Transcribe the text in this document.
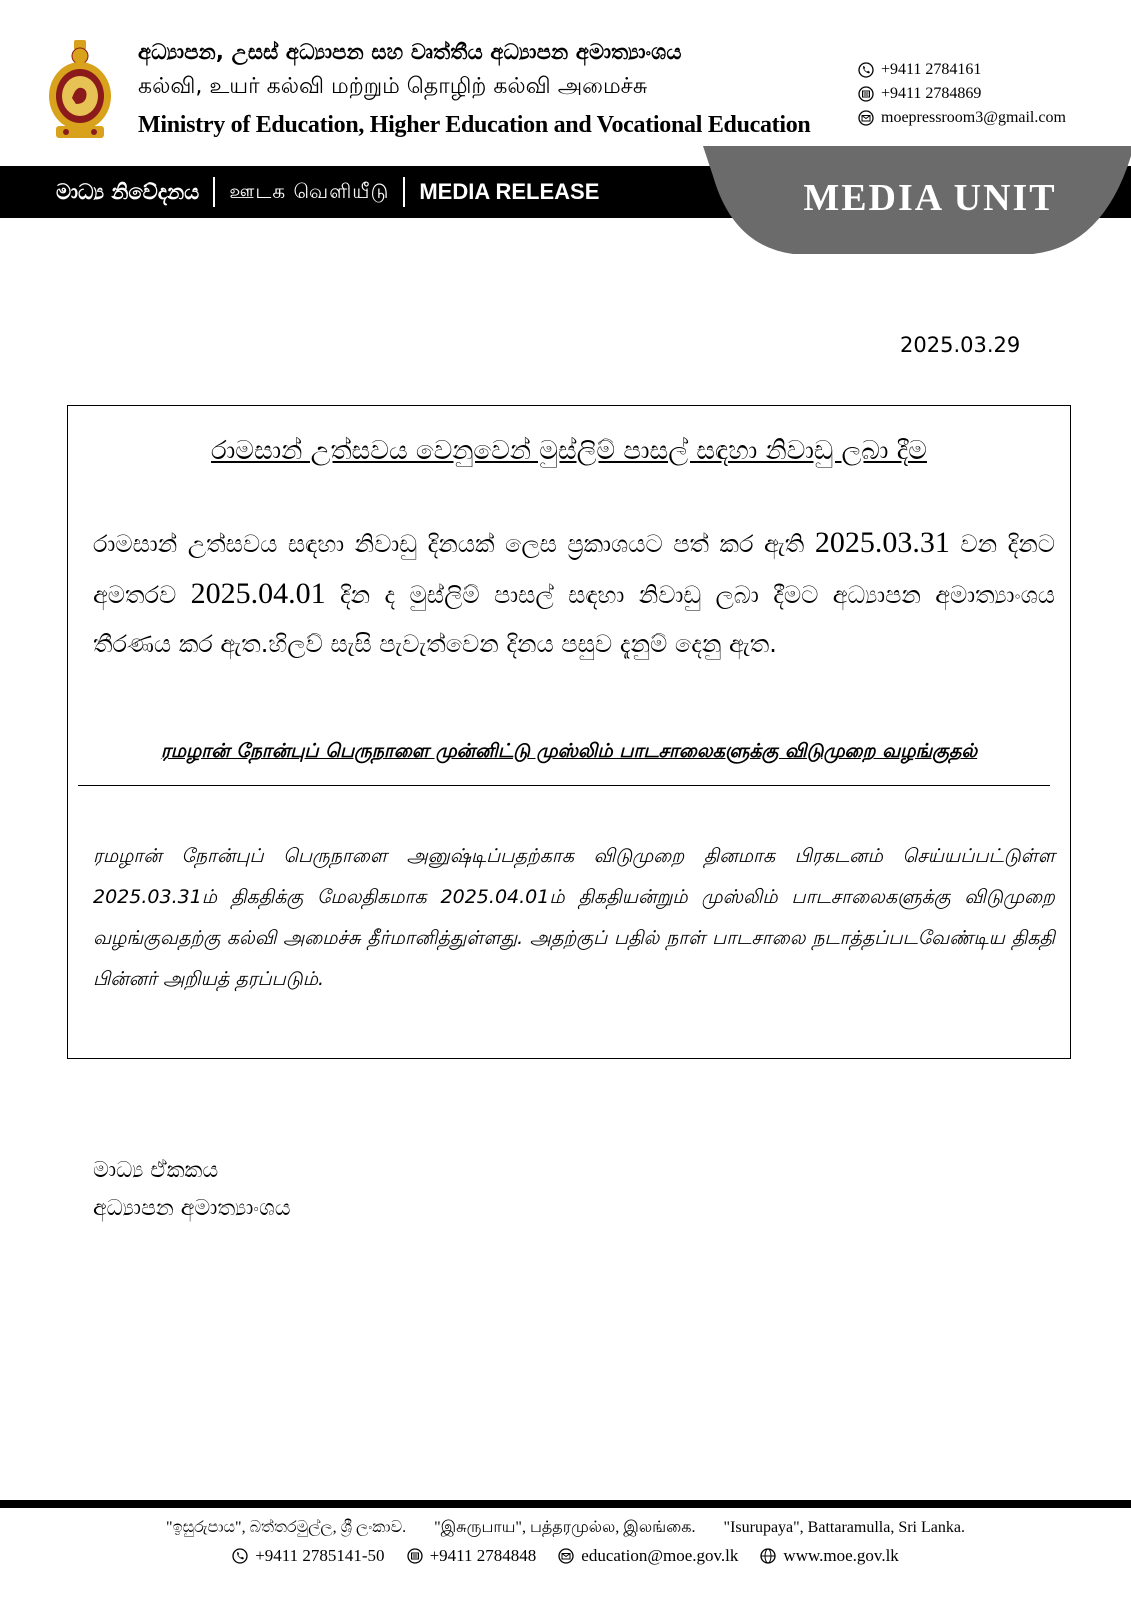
අධ්‍යාපන, උසස් අධ්‍යාපන සහ වෘත්තීය අධ්‍යාපන අමාත්‍යාංශය
கல்வி, உயர் கல்வி மற்றும் தொழிற் கல்வி அமைச்சு
Ministry of Education, Higher Education and Vocational Education
+9411 2784161
+9411 2784869
moepressroom3@gmail.com
MEDIA UNIT
මාධ්‍ය නිවේදනය ஊடக வெளியீடு MEDIA RELEASE
2025.03.29
රාමසාන් උත්සවය වෙනුවෙන් මුස්ලිම් පාසල් සඳහා නිවාඩු ලබා දීම
රාමසාන් උත්සවය සඳහා නිවාඩු දිනයක් ලෙස ප්‍රකාශයට පත් කර ඇති 2025.03.31 වන දිනට අමතරව 2025.04.01 දින ද මුස්ලිම් පාසල් සඳහා නිවාඩු ලබා දීමට අධ්‍යාපන අමාත්‍යාංශය තීරණය කර ඇත.හිලව් සැසි පැවැත්වෙන දිනය පසුව දැනුම් දෙනු ඇත.
ரமழான் நோன்புப் பெருநாளை முன்னிட்டு முஸ்லிம் பாடசாலைகளுக்கு விடுமுறை வழங்குதல்
ரமழான் நோன்புப் பெருநாளை அனுஷ்டிப்பதற்காக விடுமுறை தினமாக பிரகடனம் செய்யப்பட்டுள்ள 2025.03.31ம் திகதிக்கு மேலதிகமாக 2025.04.01ம் திகதியன்றும் முஸ்லிம் பாடசாலைகளுக்கு விடுமுறை வழங்குவதற்கு கல்வி அமைச்சு தீர்மானித்துள்ளது. அதற்குப் பதில் நாள் பாடசாலை நடாத்தப்படவேண்டிய திகதி பின்னர் அறியத் தரப்படும்.
මාධ්‍ය ඒකකය
අධ්‍යාපන අමාත්‍යාංශය
"ඉසුරුපාය", බත්තරමුල්ල, ශ්‍රී ලංකාව. "இசுருபாய", பத்தரமுல்ல, இலங்கை. "Isurupaya", Battaramulla, Sri Lanka.
+9411 2785141-50	+9411 2784848	education@moe.gov.lk	www.moe.gov.lk
